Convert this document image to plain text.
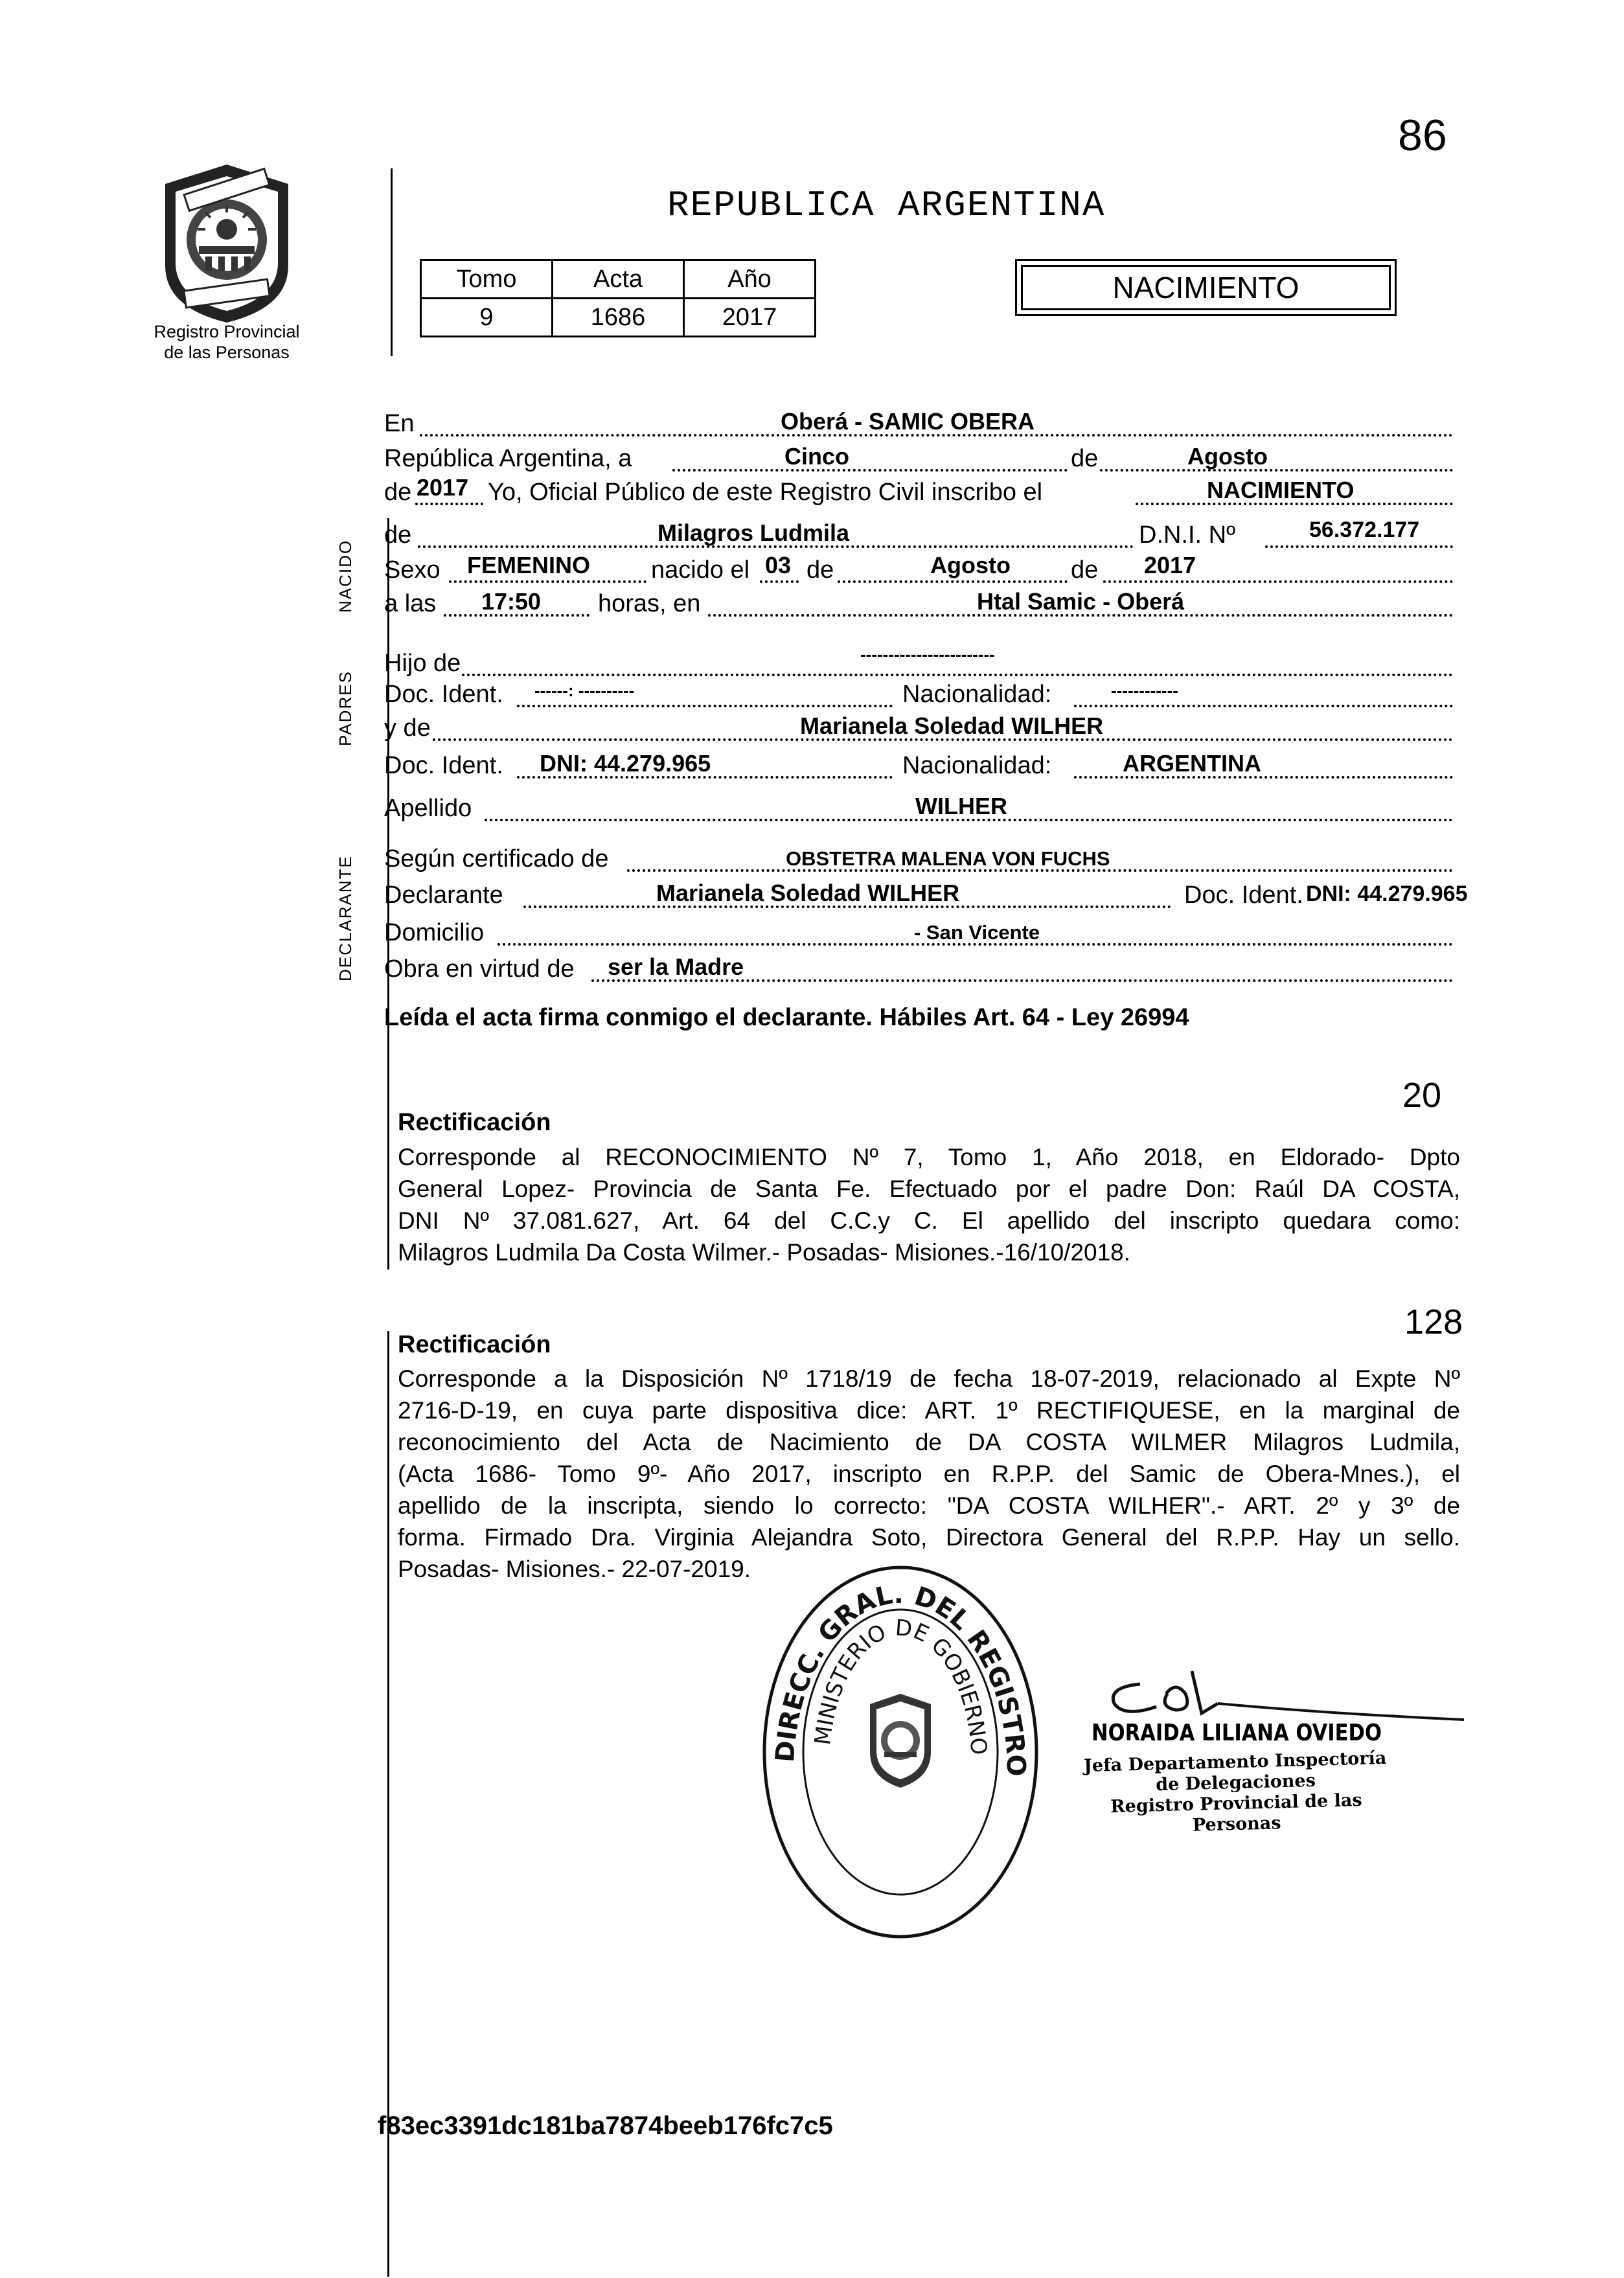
86
Registro Provincial
de las Personas
REPUBLICA ARGENTINA
Tomo	Acta	Año
9	1686	2017
NACIMIENTO
NACIDO
PADRES
DECLARANTE
En	Oberá - SAMIC OBERA
República Argentina, a	Cinco	de	Agosto
de 2017 Yo, Oficial Público de este Registro Civil inscribo el	NACIMIENTO
de	Milagros Ludmila	D.N.I. Nº	56.372.177
Sexo FEMENINO nacido el 03 de	Agosto de 2017
a las 17:50 horas, en	Htal Samic - Oberá
Hijo de	------------------------
Doc. Ident. ------: ----------	Nacionalidad:	------------
y de	Marianela Soledad WILHER
Doc. Ident. DNI: 44.279.965	Nacionalidad:	ARGENTINA
Apellido	WILHER
Según certificado de	OBSTETRA MALENA VON FUCHS
Declarante	Marianela Soledad WILHER	Doc. Ident. DNI: 44.279.965
Domicilio	- San Vicente
Obra en virtud de ser la Madre
Leída el acta firma conmigo el declarante. Hábiles Art. 64 - Ley 26994
20
Rectificación
Corresponde al RECONOCIMIENTO Nº 7, Tomo 1, Año 2018, en Eldorado- Dpto
General Lopez- Provincia de Santa Fe. Efectuado por el padre Don: Raúl DA COSTA,
DNI Nº 37.081.627, Art. 64 del C.C.y C. El apellido del inscripto quedara como:
Milagros Ludmila Da Costa Wilmer.- Posadas- Misiones.-16/10/2018.
128
Rectificación
Corresponde a la Disposición Nº 1718/19 de fecha 18-07-2019, relacionado al Expte Nº
2716-D-19, en cuya parte dispositiva dice: ART. 1º RECTIFIQUESE, en la marginal de
reconocimiento del Acta de Nacimiento de DA COSTA WILMER Milagros Ludmila,
(Acta 1686- Tomo 9º- Año 2017, inscripto en R.P.P. del Samic de Obera-Mnes.), el
apellido de la inscripta, siendo lo correcto: "DA COSTA WILHER".- ART. 2º y 3º de
forma. Firmado Dra. Virginia Alejandra Soto, Directora General del R.P.P. Hay un sello.
Posadas- Misiones.- 22-07-2019.
DIRECC. GRAL. DEL REGISTRO
MINISTERIO DE GOBIERNO	NORAIDA LILIANA OVIEDO
Jefa Departamento Inspectoría
de Delegaciones
Registro Provincial de las Personas
f83ec3391dc181ba7874beeb176fc7c5
